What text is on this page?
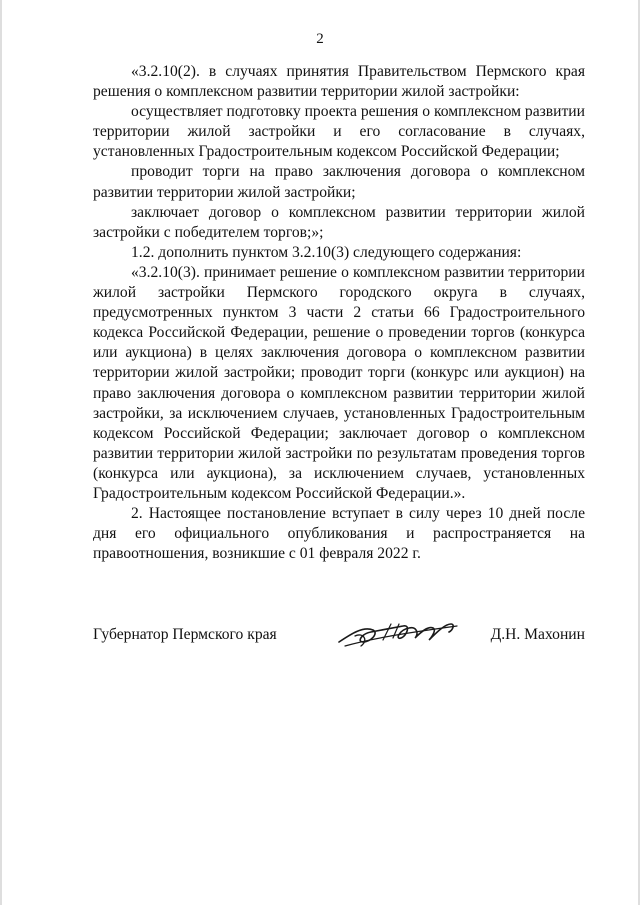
2

«3.2.10(2). в случаях принятия Правительством Пермского края решения о комплексном развитии территории жилой застройки:

осуществляет подготовку проекта решения о комплексном развитии территории жилой застройки и его согласование в случаях, установленных Градостроительным кодексом Российской Федерации;

проводит торги на право заключения договора о комплексном развитии территории жилой застройки;

заключает договор о комплексном развитии территории жилой застройки с победителем торгов;»;

1.2. дополнить пунктом 3.2.10(3) следующего содержания:

«3.2.10(3). принимает решение о комплексном развитии территории жилой застройки Пермского городского округа в случаях, предусмотренных пунктом 3 части 2 статьи 66 Градостроительного кодекса Российской Федерации, решение о проведении торгов (конкурса или аукциона) в целях заключения договора о комплексном развитии территории жилой застройки; проводит торги (конкурс или аукцион) на право заключения договора о комплексном развитии территории жилой застройки, за исключением случаев, установленных Градостроительным кодексом Российской Федерации; заключает договор о комплексном развитии территории жилой застройки по результатам проведения торгов (конкурса или аукциона), за исключением случаев, установленных Градостроительным кодексом Российской Федерации.».

2. Настоящее постановление вступает в силу через 10 дней после дня его официального опубликования и распространяется на правоотношения, возникшие с 01 февраля 2022 г.

Губернатор Пермского края	Д.Н. Махонин
